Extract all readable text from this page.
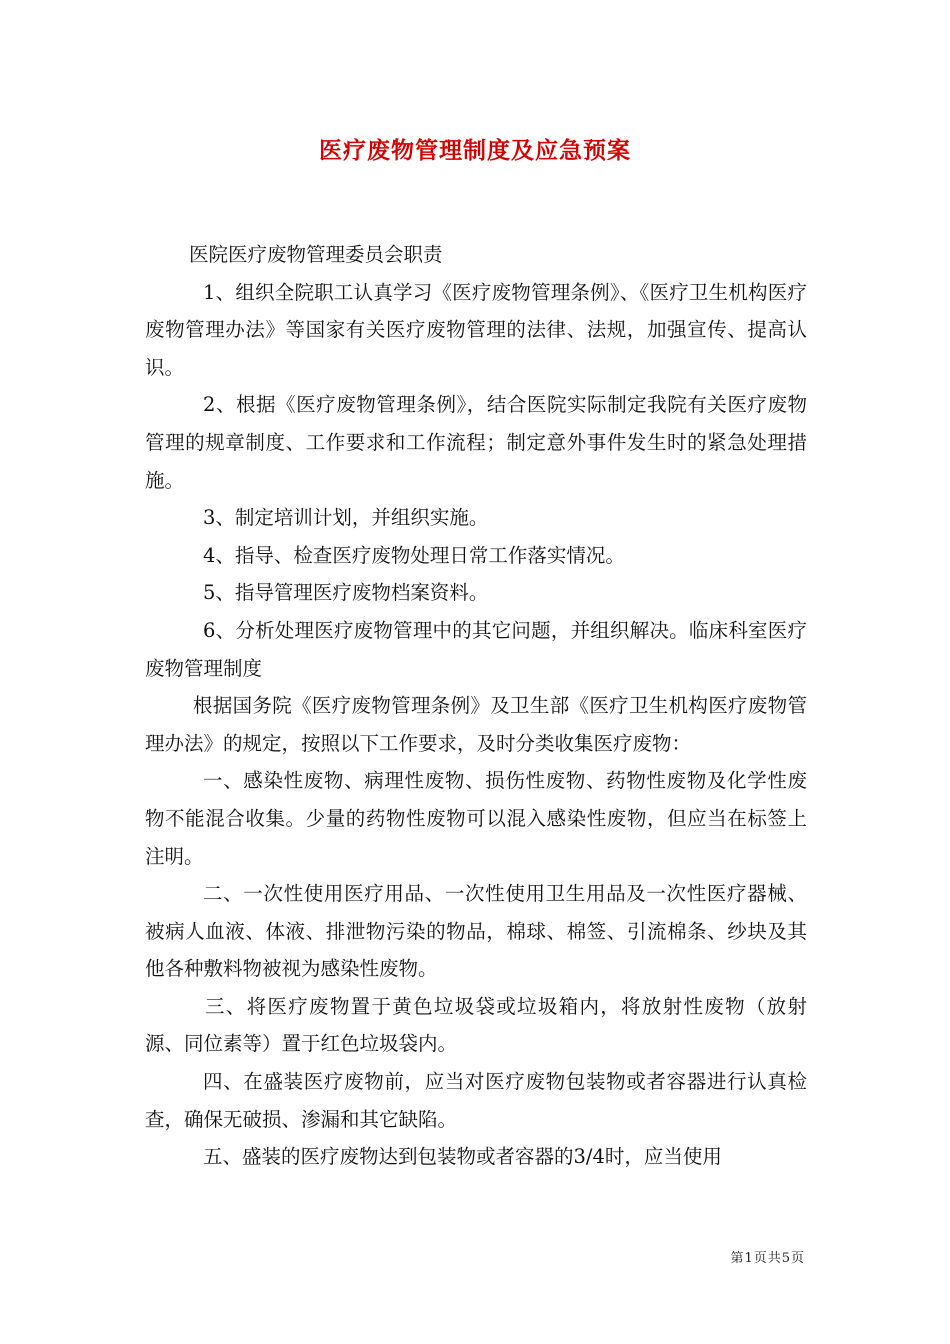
医疗废物管理制度及应急预案

医院医疗废物管理委员会职责

1、组织全院职工认真学习《医疗废物管理条例》、《医疗卫生机构医疗废物管理办法》等国家有关医疗废物管理的法律、法规，加强宣传、提高认识。

2、根据《医疗废物管理条例》，结合医院实际制定我院有关医疗废物管理的规章制度、工作要求和工作流程；制定意外事件发生时的紧急处理措施。

3、制定培训计划，并组织实施。

4、指导、检查医疗废物处理日常工作落实情况。

5、指导管理医疗废物档案资料。

6、分析处理医疗废物管理中的其它问题，并组织解决。临床科室医疗废物管理制度

根据国务院《医疗废物管理条例》及卫生部《医疗卫生机构医疗废物管理办法》的规定，按照以下工作要求，及时分类收集医疗废物：

一、感染性废物、病理性废物、损伤性废物、药物性废物及化学性废物不能混合收集。少量的药物性废物可以混入感染性废物，但应当在标签上注明。

二、一次性使用医疗用品、一次性使用卫生用品及一次性医疗器械、被病人血液、体液、排泄物污染的物品，棉球、棉签、引流棉条、纱块及其他各种敷料物被视为感染性废物。

三、将医疗废物置于黄色垃圾袋或垃圾箱内，将放射性废物（放射源、同位素等）置于红色垃圾袋内。

四、在盛装医疗废物前，应当对医疗废物包装物或者容器进行认真检查，确保无破损、渗漏和其它缺陷。

五、盛装的医疗废物达到包装物或者容器的3/4时，应当使用

第1页共5页
